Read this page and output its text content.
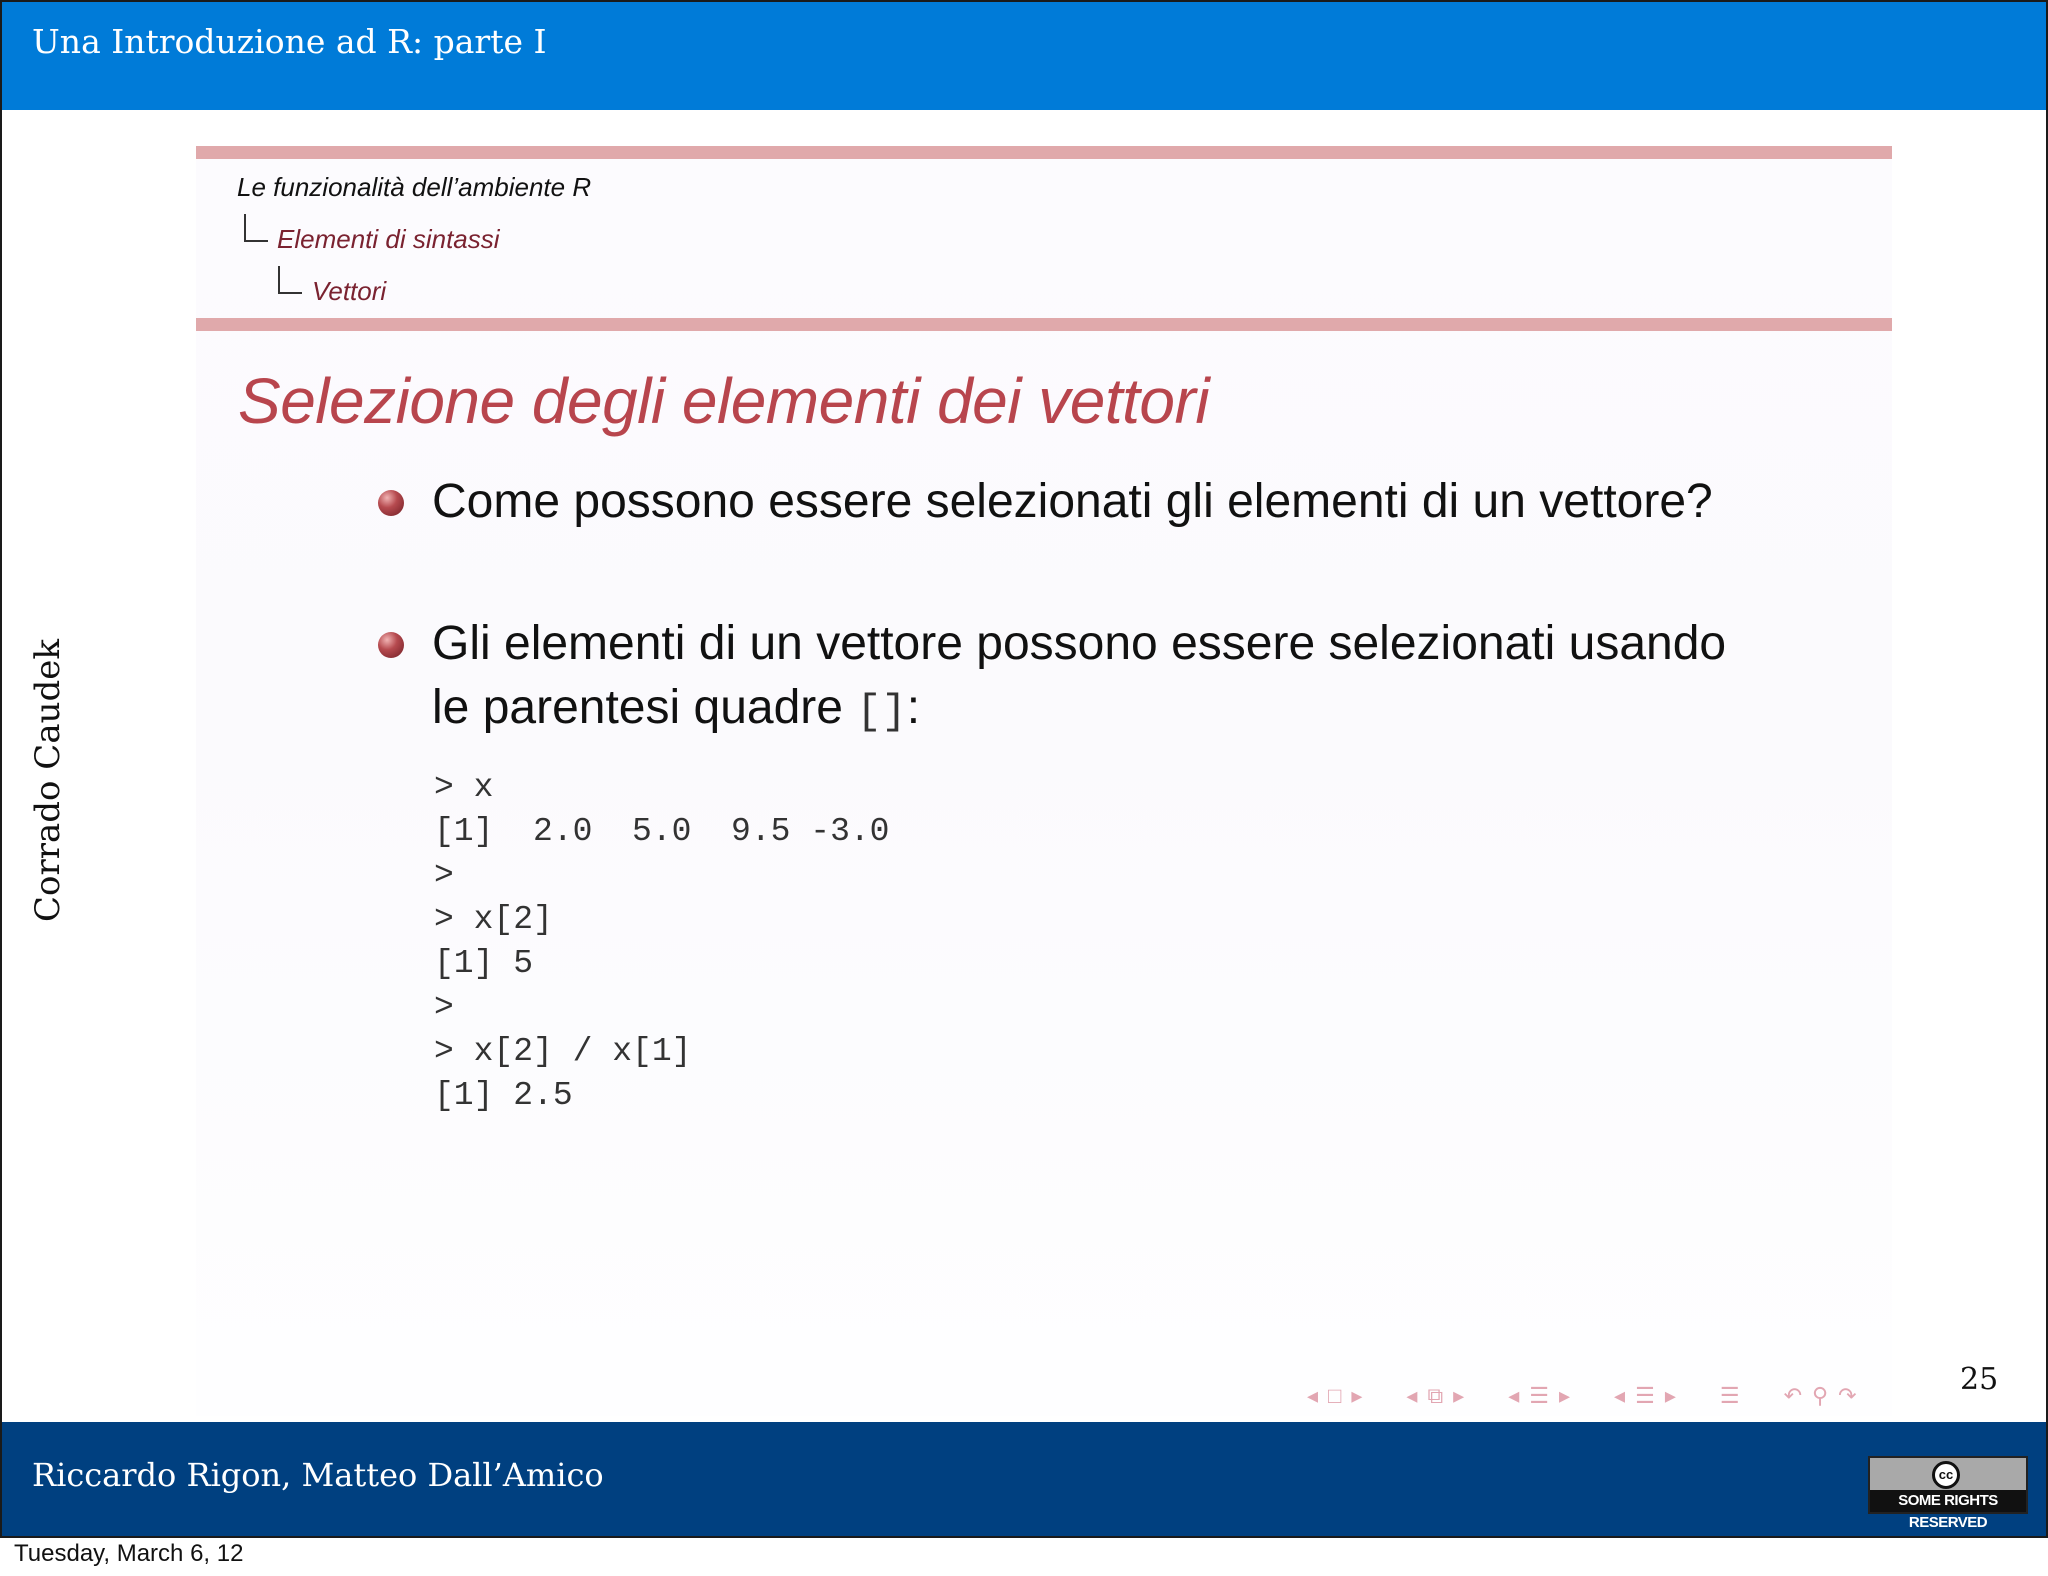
Una Introduzione ad R: parte I
Corrado Caudek
Le funzionalità dell’ambiente R
Elementi di sintassi
Vettori
Selezione degli elementi dei vettori
Come possono essere selezionati gli elementi di un vettore?
Gli elementi di un vettore possono essere selezionati usando le parentesi quadre []:
> x
[1]  2.0  5.0  9.5 -3.0
>
> x[2]
[1] 5
>
> x[2] / x[1]
[1] 2.5
◂ □ ▸ ◂ ⧉ ▸ ◂ ☰ ▸ ◂ ☰ ▸ ☰ ↶ ⚲ ↷	25
Riccardo Rigon, Matteo Dall’Amico	cc
SOME RIGHTS RESERVED
Tuesday, March 6, 12
